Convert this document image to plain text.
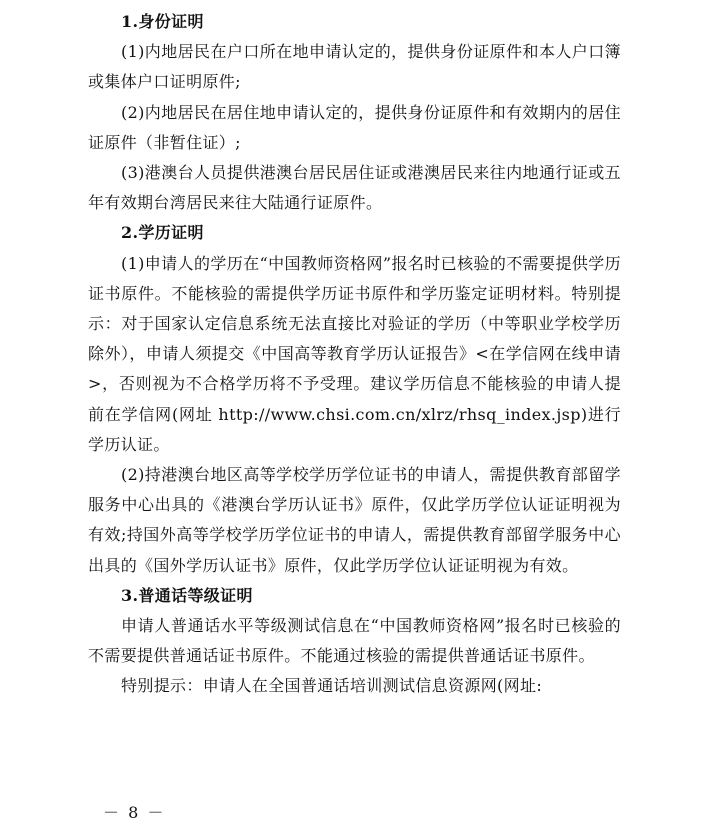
1.身份证明

(1)内地居民在户口所在地申请认定的，提供身份证原件和本人户口簿或集体户口证明原件;

(2)内地居民在居住地申请认定的，提供身份证原件和有效期内的居住证原件（非暂住证）;

(3)港澳台人员提供港澳台居民居住证或港澳居民来往内地通行证或五年有效期台湾居民来往大陆通行证原件。

2.学历证明

(1)申请人的学历在“中国教师资格网”报名时已核验的不需要提供学历证书原件。不能核验的需提供学历证书原件和学历鉴定证明材料。特别提示：对于国家认定信息系统无法直接比对验证的学历（中等职业学校学历除外），申请人须提交《中国高等教育学历认证报告》<在学信网在线申请>，否则视为不合格学历将不予受理。建议学历信息不能核验的申请人提前在学信网(网址 http://www.chsi.com.cn/xlrz/rhsq_index.jsp)进行学历认证。

(2)持港澳台地区高等学校学历学位证书的申请人，需提供教育部留学服务中心出具的《港澳台学历认证书》原件，仅此学历学位认证证明视为有效;持国外高等学校学历学位证书的申请人，需提供教育部留学服务中心出具的《国外学历认证书》原件，仅此学历学位认证证明视为有效。

3.普通话等级证明

申请人普通话水平等级测试信息在“中国教师资格网”报名时已核验的不需要提供普通话证书原件。不能通过核验的需提供普通话证书原件。

特别提示：申请人在全国普通话培训测试信息资源网(网址:

－ 8 －
